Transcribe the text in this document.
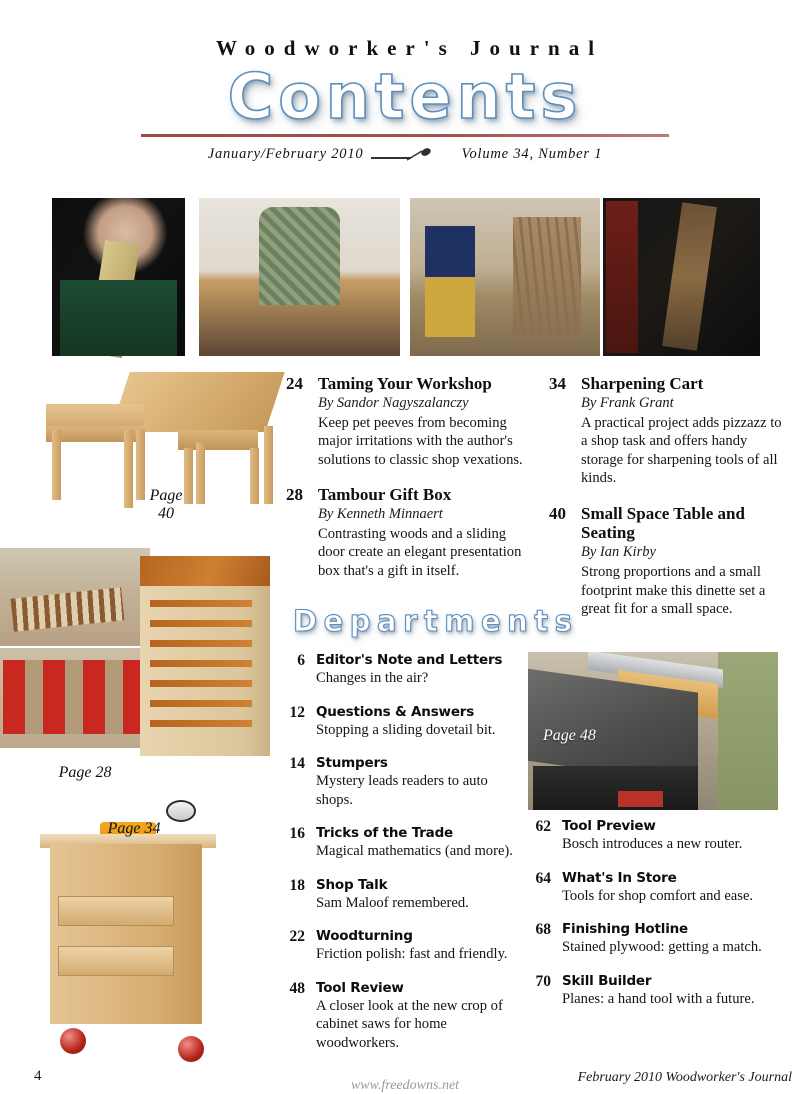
Woodworker's Journal
Contents
January/February 2010	Volume 34, Number 1
Page
40
Page 28
Page 34
24 Taming Your Workshop

By Sandor Nagyszalanczy

Keep pet peeves from becoming major irritations with the author's solutions to classic shop vexations.

28 Tambour Gift Box

By Kenneth Minnaert

Contrasting woods and a sliding door create an elegant presentation box that's a gift in itself.

34 Sharpening Cart

By Frank Grant

A practical project adds pizzazz to a shop task and offers handy storage for sharpening tools of all kinds.

40 Small Space Table and Seating

By Ian Kirby

Strong proportions and a small footprint make this dinette set a great fit for a small space.

Departments
6 Editor's Note and Letters

Changes in the air?

12 Questions & Answers

Stopping a sliding dovetail bit.

14 Stumpers

Mystery leads readers to auto shops.

16 Tricks of the Trade

Magical mathematics (and more).

18 Shop Talk

Sam Maloof remembered.

22 Woodturning

Friction polish: fast and friendly.

48 Tool Review

A closer look at the new crop of cabinet saws for home woodworkers.

Page 48
62 Tool Preview

Bosch introduces a new router.

64 What's In Store

Tools for shop comfort and ease.

68 Finishing Hotline

Stained plywood: getting a match.

70 Skill Builder

Planes: a hand tool with a future.

4
www.freedowns.net
February 2010 Woodworker's Journal
